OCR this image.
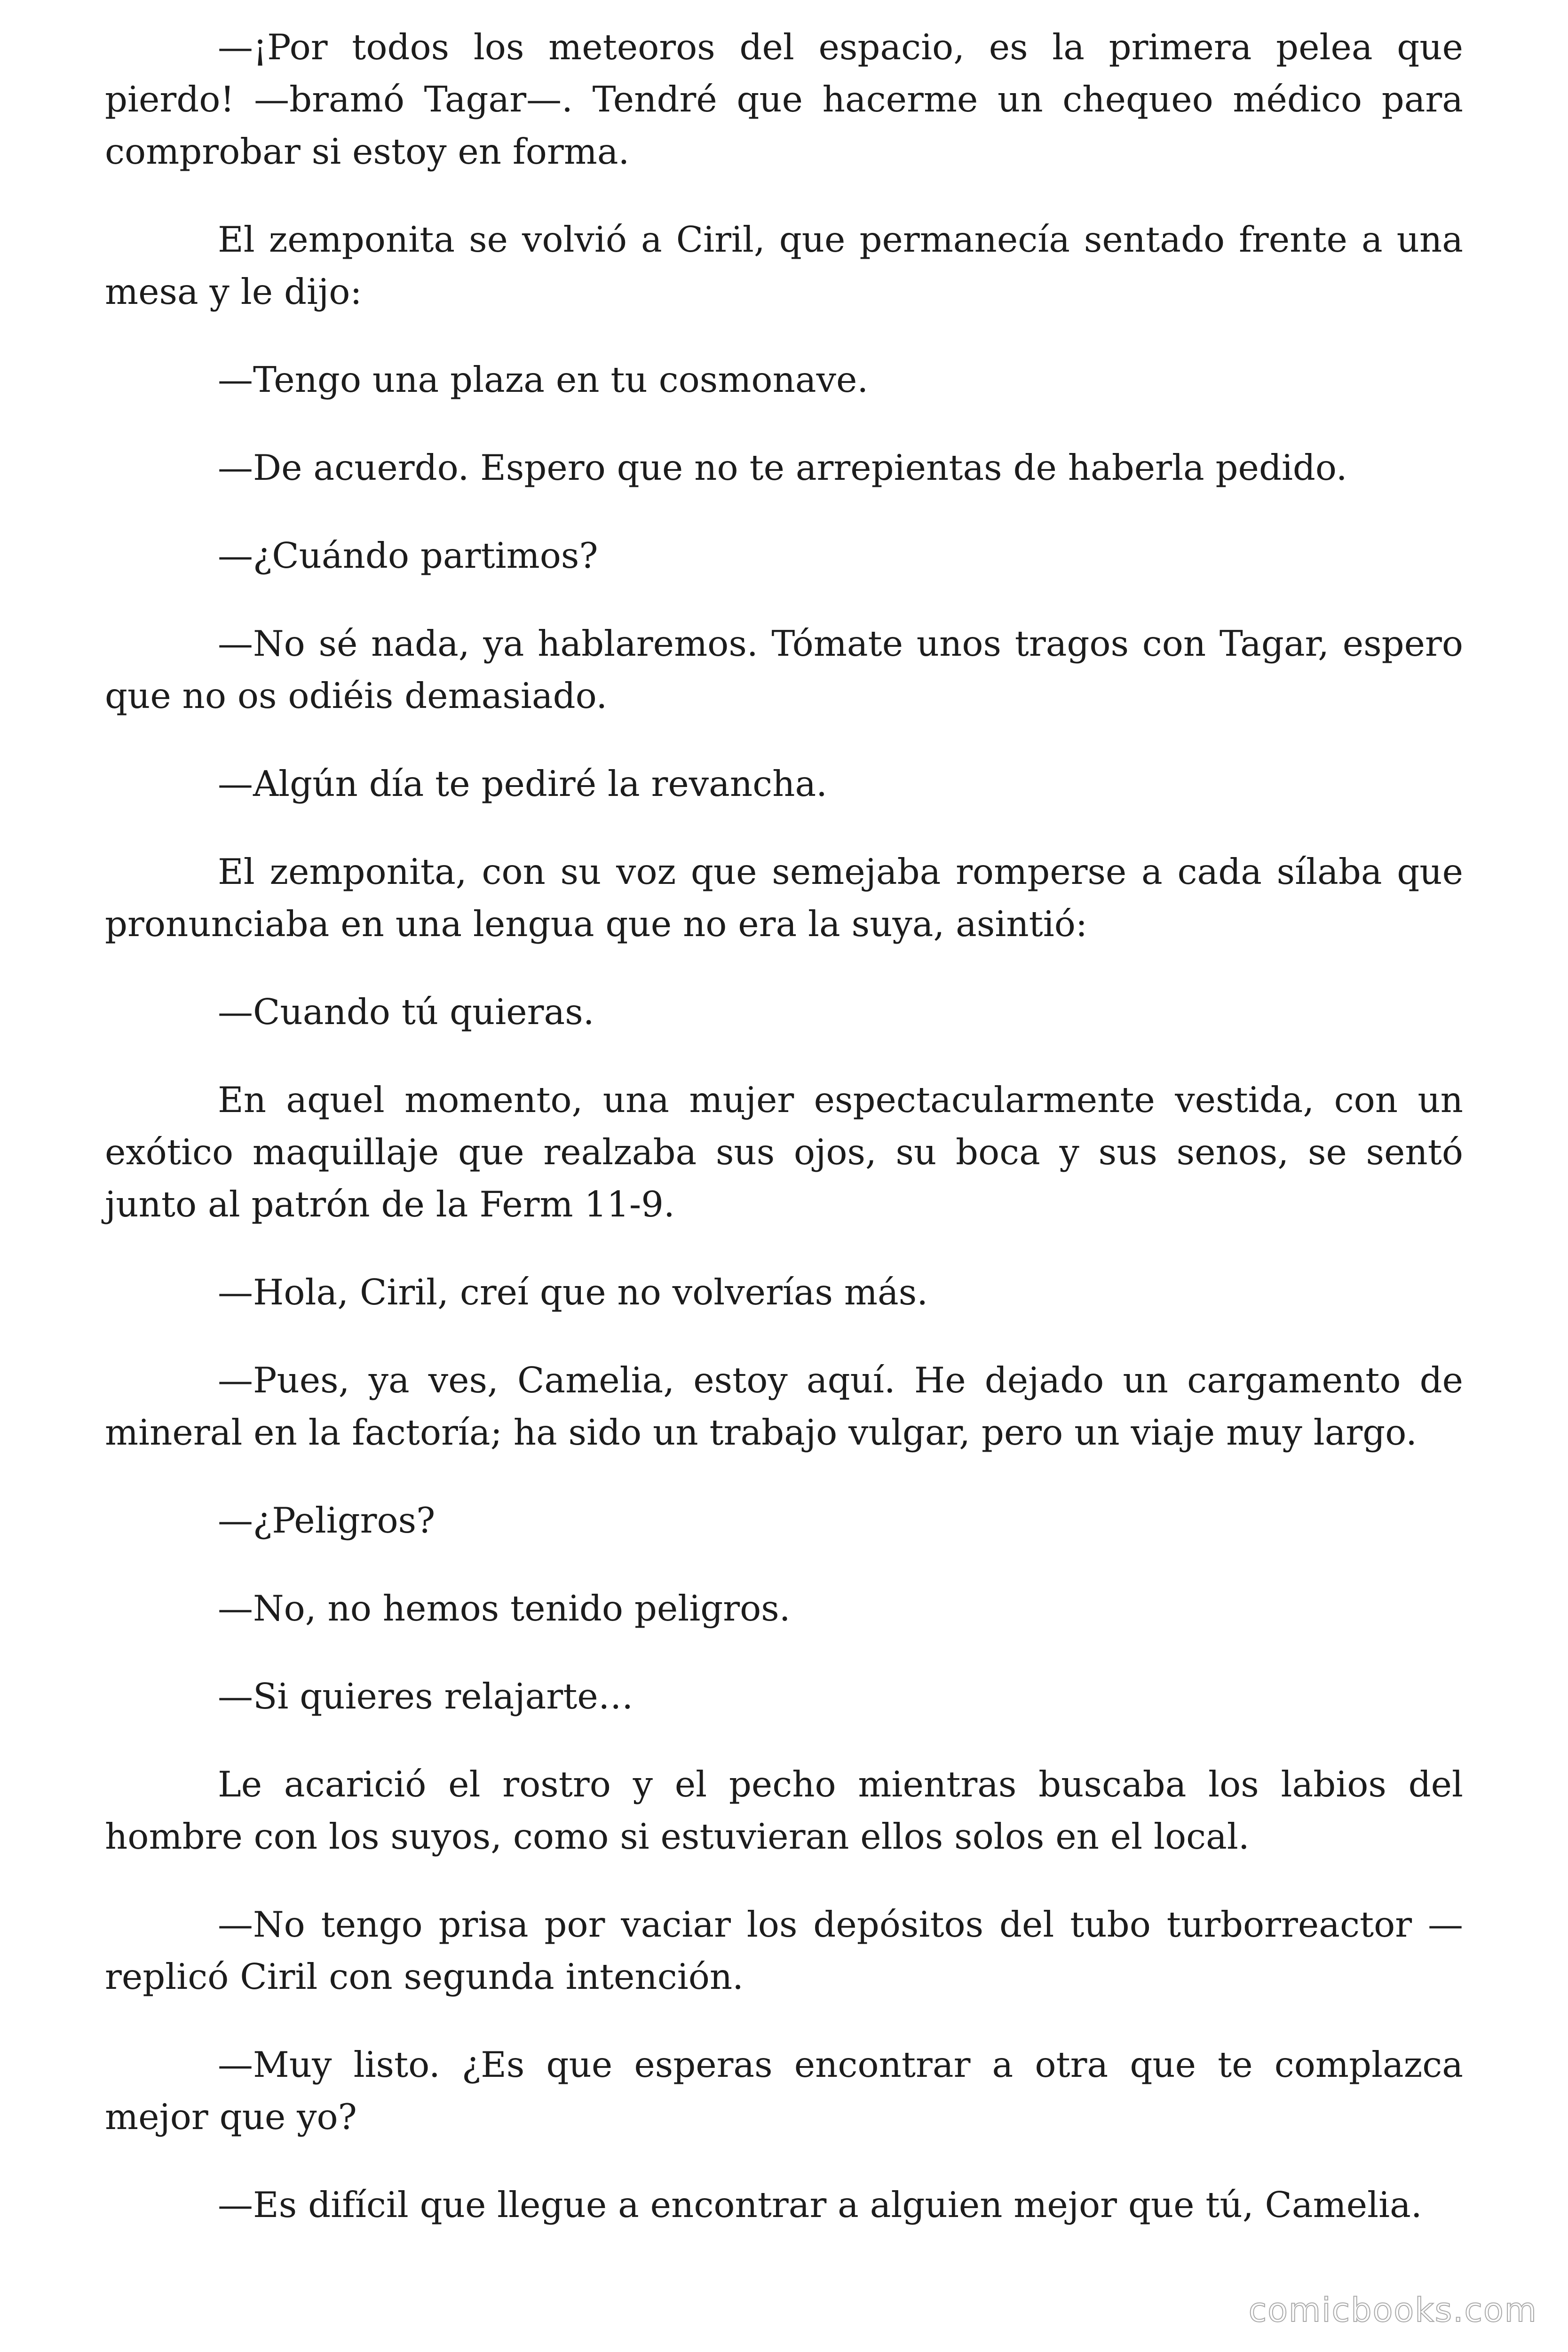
—¡Por todos los meteoros del espacio, es la primera pelea que pierdo! —bramó Tagar—. Tendré que hacerme un chequeo médico para comprobar si estoy en forma.

El zemponita se volvió a Ciril, que permanecía sentado frente a una mesa y le dijo:

—Tengo una plaza en tu cosmonave.

—De acuerdo. Espero que no te arrepientas de haberla pedido.

—¿Cuándo partimos?

—No sé nada, ya hablaremos. Tómate unos tragos con Tagar, espero que no os odiéis demasiado.

—Algún día te pediré la revancha.

El zemponita, con su voz que semejaba romperse a cada sílaba que pronunciaba en una lengua que no era la suya, asintió:

—Cuando tú quieras.

En aquel momento, una mujer espectacularmente vestida, con un exótico maquillaje que realzaba sus ojos, su boca y sus senos, se sentó junto al patrón de la Ferm 11-9.

—Hola, Ciril, creí que no volverías más.

—Pues, ya ves, Camelia, estoy aquí. He dejado un cargamento de mineral en la factoría; ha sido un trabajo vulgar, pero un viaje muy largo.

—¿Peligros?

—No, no hemos tenido peligros.

—Si quieres relajarte…

Le acarició el rostro y el pecho mientras buscaba los labios del hombre con los suyos, como si estuvieran ellos solos en el local.

—No tengo prisa por vaciar los depósitos del tubo turborreactor —replicó Ciril con segunda intención.

—Muy listo. ¿Es que esperas encontrar a otra que te complazca mejor que yo?

—Es difícil que llegue a encontrar a alguien mejor que tú, Camelia.

comicbooks.com
